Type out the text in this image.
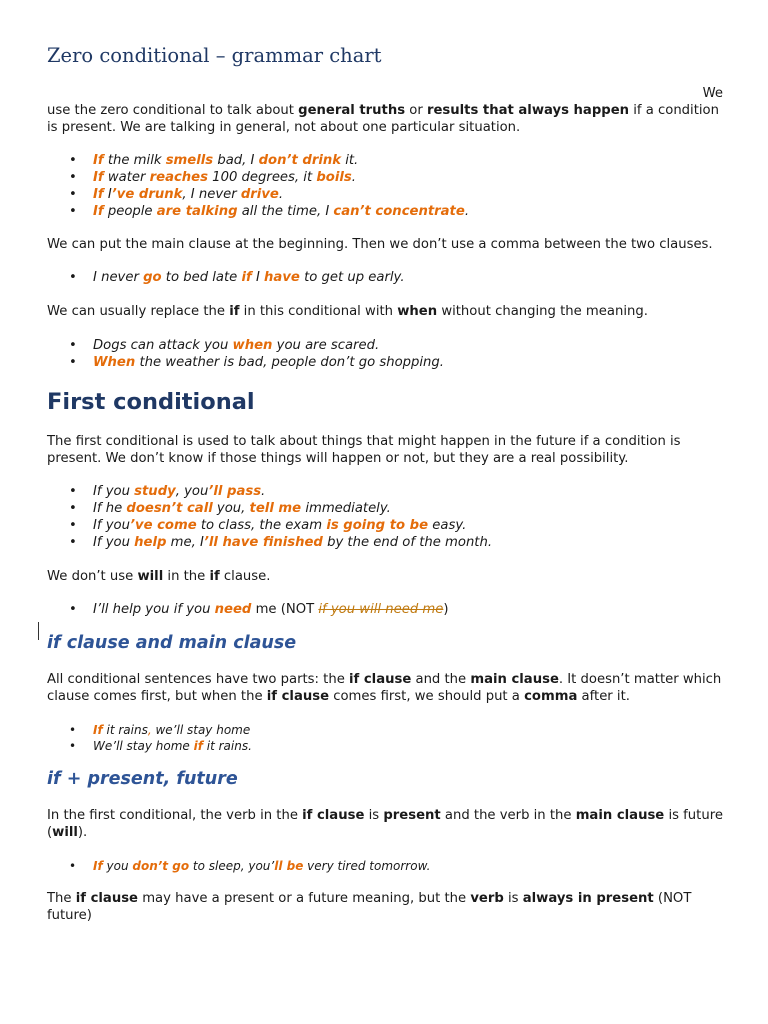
Zero conditional – grammar chart

We

use the zero conditional to talk about general truths or results that always happen if a condition is present. We are talking in general, not about one particular situation.

• If the milk smells bad, I don’t drink it.
• If water reaches 100 degrees, it boils.
• If I’ve drunk, I never drive.
• If people are talking all the time, I can’t concentrate.

We can put the main clause at the beginning. Then we don’t use a comma between the two clauses.

• I never go to bed late if I have to get up early.

We can usually replace the if in this conditional with when without changing the meaning.

• Dogs can attack you when you are scared.
• When the weather is bad, people don’t go shopping.
First conditional

The first conditional is used to talk about things that might happen in the future if a condition is present. We don’t know if those things will happen or not, but they are a real possibility.

• If you study, you’ll pass.
• If he doesn’t call you, tell me immediately.
• If you’ve come to class, the exam is going to be easy.
• If you help me, I’ll have finished by the end of the month.

We don’t use will in the if clause.

• I’ll help you if you need me (NOT if you will need me)
if clause and main clause

All conditional sentences have two parts: the if clause and the main clause. It doesn’t matter which clause comes first, but when the if clause comes first, we should put a comma after it.

• If it rains, we’ll stay home
• We’ll stay home if it rains.
if + present, future

In the first conditional, the verb in the if clause is present and the verb in the main clause is future (will).

• If you don’t go to sleep, you’ll be very tired tomorrow.

The if clause may have a present or a future meaning, but the verb is always in present (NOT future)
